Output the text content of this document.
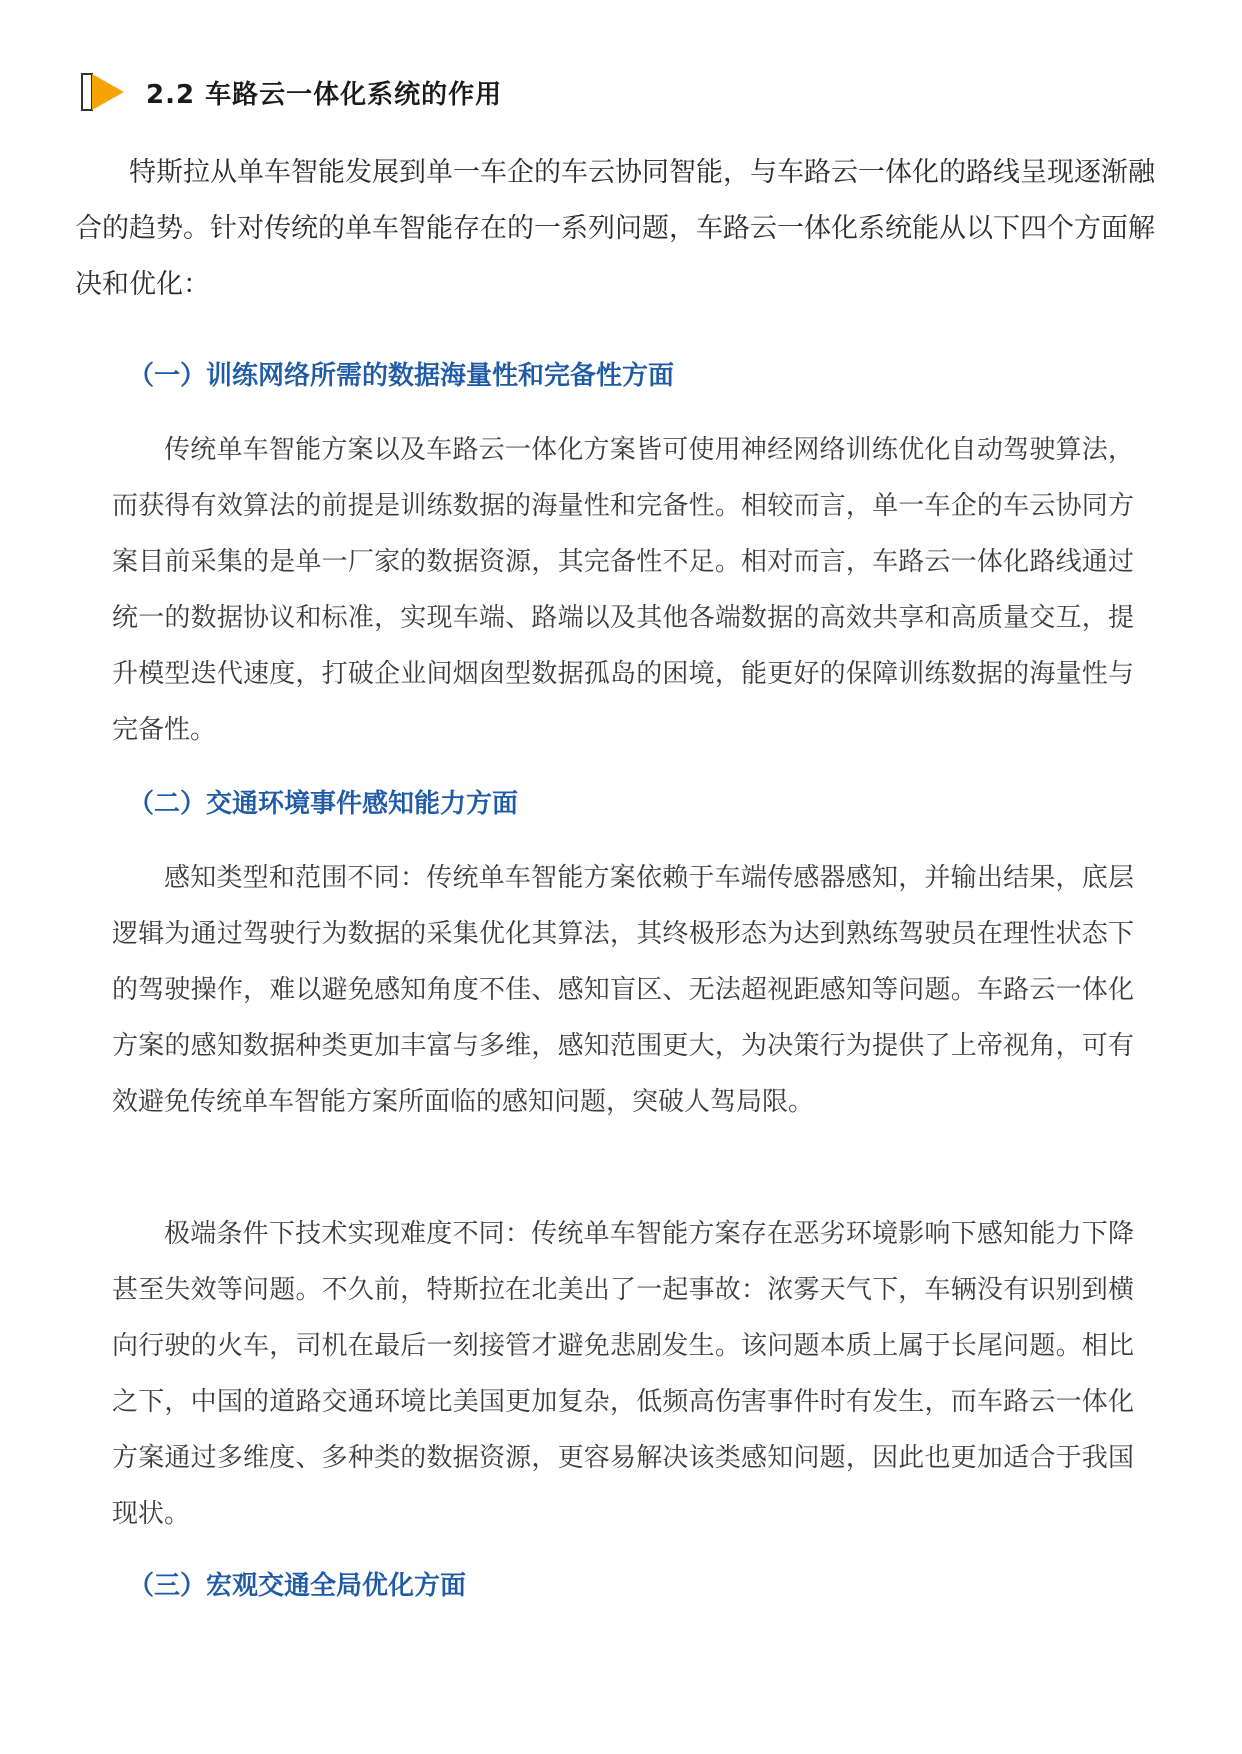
2.2 车路云一体化系统的作用

特斯拉从单车智能发展到单一车企的车云协同智能，与车路云一体化的路线呈现逐渐融合的趋势。针对传统的单车智能存在的一系列问题，车路云一体化系统能从以下四个方面解决和优化：

（一）训练网络所需的数据海量性和完备性方面

传统单车智能方案以及车路云一体化方案皆可使用神经网络训练优化自动驾驶算法，而获得有效算法的前提是训练数据的海量性和完备性。相较而言，单一车企的车云协同方案目前采集的是单一厂家的数据资源，其完备性不足。相对而言，车路云一体化路线通过统一的数据协议和标准，实现车端、路端以及其他各端数据的高效共享和高质量交互，提升模型迭代速度，打破企业间烟囱型数据孤岛的困境，能更好的保障训练数据的海量性与完备性。

（二）交通环境事件感知能力方面

感知类型和范围不同：传统单车智能方案依赖于车端传感器感知，并输出结果，底层逻辑为通过驾驶行为数据的采集优化其算法，其终极形态为达到熟练驾驶员在理性状态下的驾驶操作，难以避免感知角度不佳、感知盲区、无法超视距感知等问题。车路云一体化方案的感知数据种类更加丰富与多维，感知范围更大，为决策行为提供了上帝视角，可有效避免传统单车智能方案所面临的感知问题，突破人驾局限。

极端条件下技术实现难度不同：传统单车智能方案存在恶劣环境影响下感知能力下降甚至失效等问题。不久前，特斯拉在北美出了一起事故：浓雾天气下，车辆没有识别到横向行驶的火车，司机在最后一刻接管才避免悲剧发生。该问题本质上属于长尾问题。相比之下，中国的道路交通环境比美国更加复杂，低频高伤害事件时有发生，而车路云一体化方案通过多维度、多种类的数据资源，更容易解决该类感知问题，因此也更加适合于我国现状。

（三）宏观交通全局优化方面
